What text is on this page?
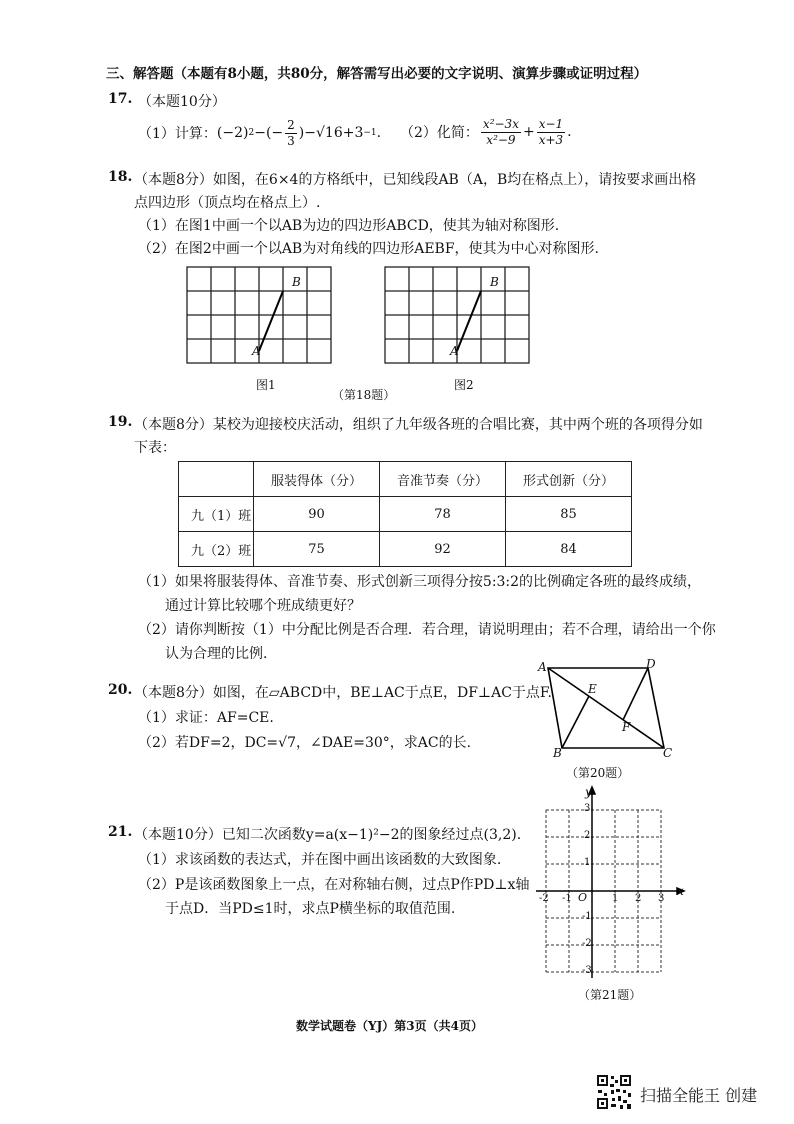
三、解答题（本题有8小题，共80分，解答需写出必要的文字说明、演算步骤或证明过程）
17. （本题10分）
（1）计算： (−2) 2 −(− $\frac{2}{3} )-√16+3 -1$ . （2）化简： $\frac{\text{x²−3x}}{\text{x²−9}} + \frac{x-1}{x+3}$ .
18. （本题8分）如图，在6×4的方格纸中，已知线段AB（A，B均在格点上），请按要求画出格
点四边形（顶点均在格点上）.
（1）在图1中画一个以AB为边的四边形ABCD，使其为轴对称图形.
（2）在图2中画一个以AB为对角线的四边形AEBF，使其为中心对称图形.
A
B
图1
A
B
图2
（第18题）
19. （本题8分）某校为迎接校庆活动，组织了九年级各班的合唱比赛，其中两个班的各项得分如
下表：
	服装得体（分）	音准节奏（分）	形式创新（分）
九（1）班	90	78	85
九（2）班	75	92	84
（1）如果将服装得体、音准节奏、形式创新三项得分按5:3:2的比例确定各班的最终成绩，
通过计算比较哪个班成绩更好？
（2）请你判断按（1）中分配比例是否合理．若合理，请说明理由；若不合理，请给出一个你
认为合理的比例.
20. （本题8分）如图，在▱ABCD中，BE⊥AC于点E，DF⊥AC于点F.
（1）求证：AF=CE.
（2）若DF=2，DC=√7，∠DAE=30°，求AC的长.
A	D
E
F
B	C
（第20题）
21. （本题10分）已知二次函数y=a(x−1)²−2的图象经过点(3,2).
（1）求该函数的表达式，并在图中画出该函数的大致图象.
（2）P是该函数图象上一点，在对称轴右侧，过点P作PD⊥x轴
于点D．当PD≤1时，求点P横坐标的取值范围.
y
x
O
-2 -1	1 2 3
3
2
1
-1
-2
-3
（第21题）
数学试题卷（YJ）第3页（共4页）
扫描全能王 创建
